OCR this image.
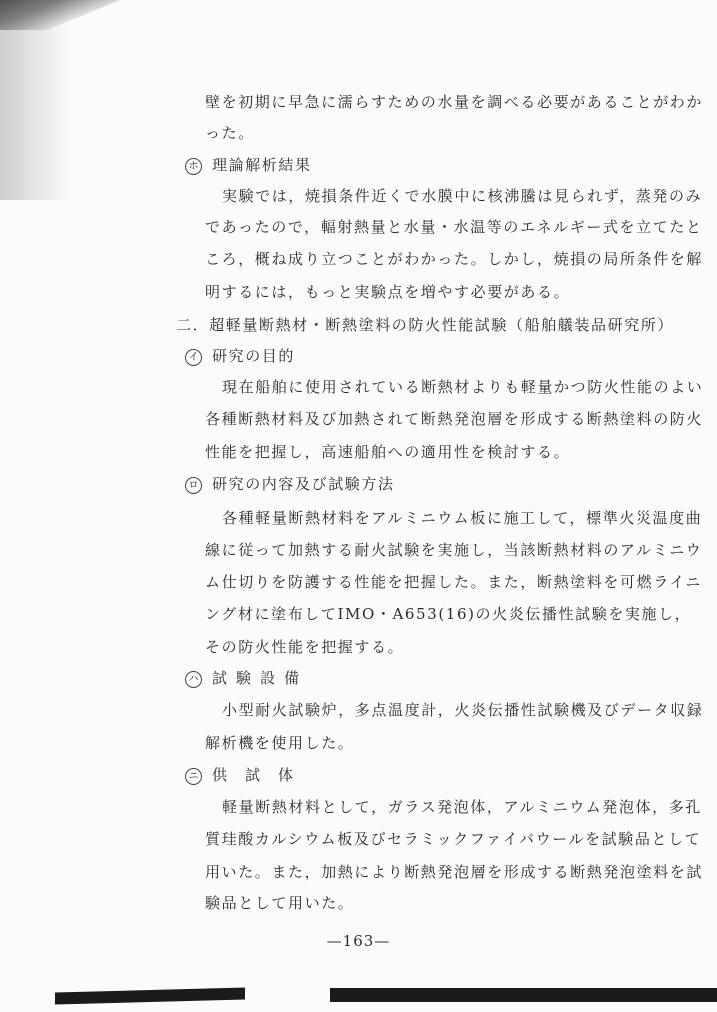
壁を初期に早急に濡らすための水量を調べる必要があることがわか
った。
ホ 理論解析結果
実験では，焼損条件近くで水膜中に核沸騰は見られず，蒸発のみ
であったので，輻射熱量と水量・水温等のエネルギー式を立てたと
ころ，概ね成り立つことがわかった。しかし，焼損の局所条件を解
明するには，もっと実験点を増やす必要がある。
二．超軽量断熱材・断熱塗料の防火性能試験（船舶艤装品研究所）
イ 研究の目的
現在船舶に使用されている断熱材よりも軽量かつ防火性能のよい
各種断熱材料及び加熱されて断熱発泡層を形成する断熱塗料の防火
性能を把握し，高速船舶への適用性を検討する。
ロ 研究の内容及び試験方法
各種軽量断熱材料をアルミニウム板に施工して，標準火災温度曲
線に従って加熱する耐火試験を実施し，当該断熱材料のアルミニウ
ム仕切りを防護する性能を把握した。また，断熱塗料を可燃ライニ
ング材に塗布してIMO・A653(16)の火炎伝播性試験を実施し，
その防火性能を把握する。
ハ 試験設備
小型耐火試験炉，多点温度計，火炎伝播性試験機及びデータ収録
解析機を使用した。
ニ 供試体
軽量断熱材料として，ガラス発泡体，アルミニウム発泡体，多孔
質珪酸カルシウム板及びセラミックファイバウールを試験品として
用いた。また，加熱により断熱発泡層を形成する断熱発泡塗料を試
験品として用いた。
—163—
